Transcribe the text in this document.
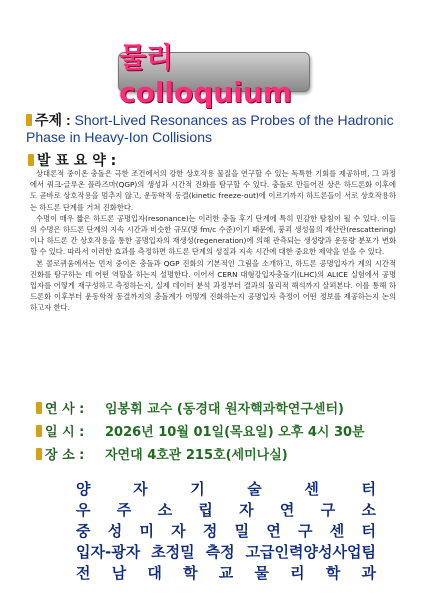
물리colloquium
주제 : Short-Lived Resonances as Probes of the Hadronic Phase in Heavy-Ion Collisions
발 표 요 약 :

상대론적 중이온 충돌은 극한 조건에서의 강한 상호작용 물질을 연구할 수 있는 독특한 기회를 제공하며, 그 과정에서 쿼크-글루온 플라즈마(QGP)의 생성과 시간적 진화를 탐구할 수 있다. 충돌로 만들어진 상은 하드론화 이후에도 곧바로 상호작용을 멈추지 않고, 운동학적 동결(kinetic freeze-out)에 이르기까지 하드론들이 서로 상호작용하는 하드론 단계를 거쳐 진화한다.

수명이 매우 짧은 하드론 공명입자(resonance)는 이러한 충돌 후기 단계에 특히 민감한 탐침이 될 수 있다. 이들의 수명은 하드론 단계의 지속 시간과 비슷한 규모(몇 fm/c 수준)이기 때문에, 붕괴 생성물의 재산란(rescattering)이나 하드론 간 상호작용을 통한 공명입자의 재생성(regeneration)에 의해 관측되는 생성량과 운동량 분포가 변화할 수 있다. 따라서 이러한 효과를 측정하면 하드론 단계의 성질과 지속 시간에 대한 중요한 제약을 얻을 수 있다.

본 콜로퀴움에서는 먼저 중이온 충돌과 QGP 진화의 기본적인 그림을 소개하고, 하드론 공명입자가 계의 시간적 진화를 탐구하는 데 어떤 역할을 하는지 설명한다. 이어서 CERN 대형강입자충돌기(LHC)의 ALICE 실험에서 공명입자를 어떻게 재구성하고 측정하는지, 실제 데이터 분석 과정부터 결과의 물리적 해석까지 살펴본다. 이를 통해 하드론화 이후부터 운동학적 동결까지의 충돌계가 어떻게 진화하는지 공명입자 측정이 어떤 정보를 제공하는지 논의하고자 한다.

연 사 : 임봉휘 교수 (동경대 원자핵과학연구센터)
일 시 : 2026년 10월 01일(목요일) 오후 4시 30분
장 소 : 자연대 4호관 215호(세미나실)
양	자	기	술	센	터
우 주 소 립 자 연 구 소
중 성 미 자 정 밀 연 구 센 터
입자-광자 초정밀 측정 고급인력양성사업팀
전 남 대 학 교 물 리 학 과
